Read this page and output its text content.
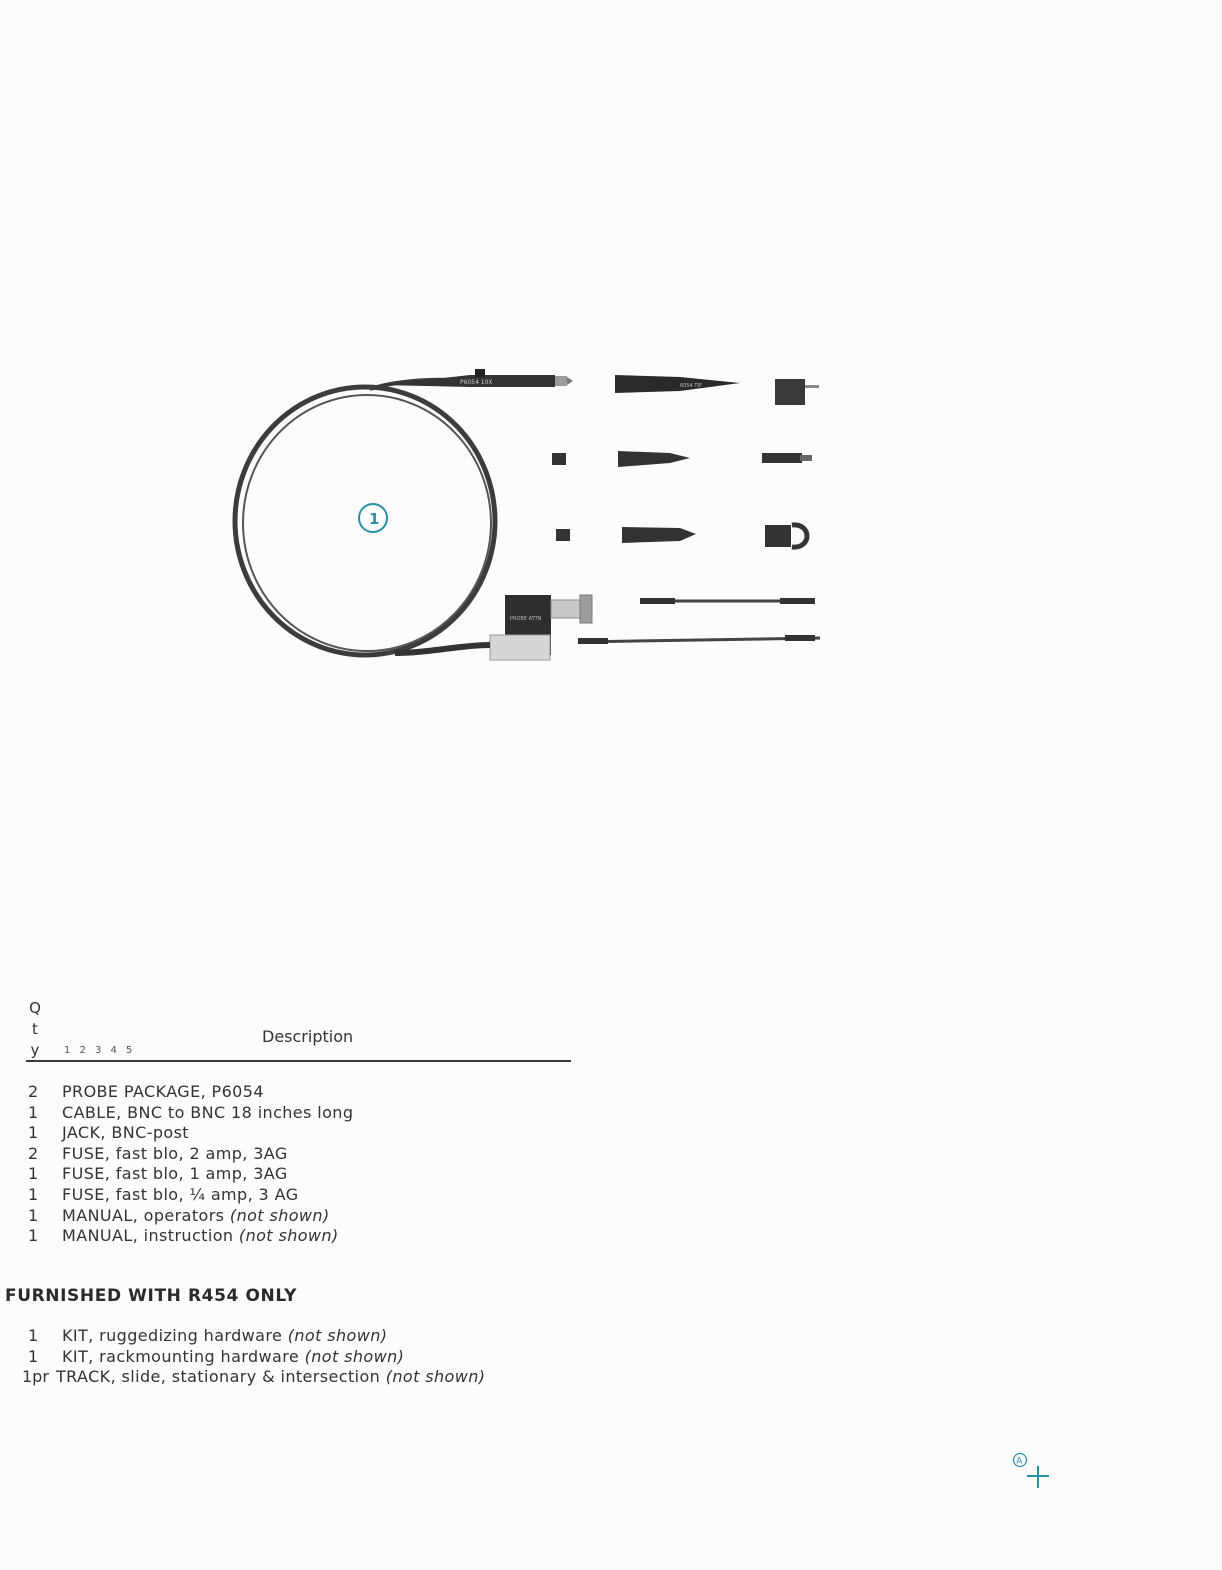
P6054 10X
1
PROBE ATTN
6054 TIP
Q
t
y 1 2 3 4 5
Description
2 PROBE PACKAGE, P6054
1 CABLE, BNC to BNC 18 inches long
1 JACK, BNC-post
2 FUSE, fast blo, 2 amp, 3AG
1 FUSE, fast blo, 1 amp, 3AG
1 FUSE, fast blo, ¼ amp, 3 AG
1 MANUAL, operators (not shown)
1 MANUAL, instruction (not shown)
FURNISHED WITH R454 ONLY
1 KIT, ruggedizing hardware (not shown)
1 KIT, rackmounting hardware (not shown)
1pr TRACK, slide, stationary & intersection (not shown)
A
